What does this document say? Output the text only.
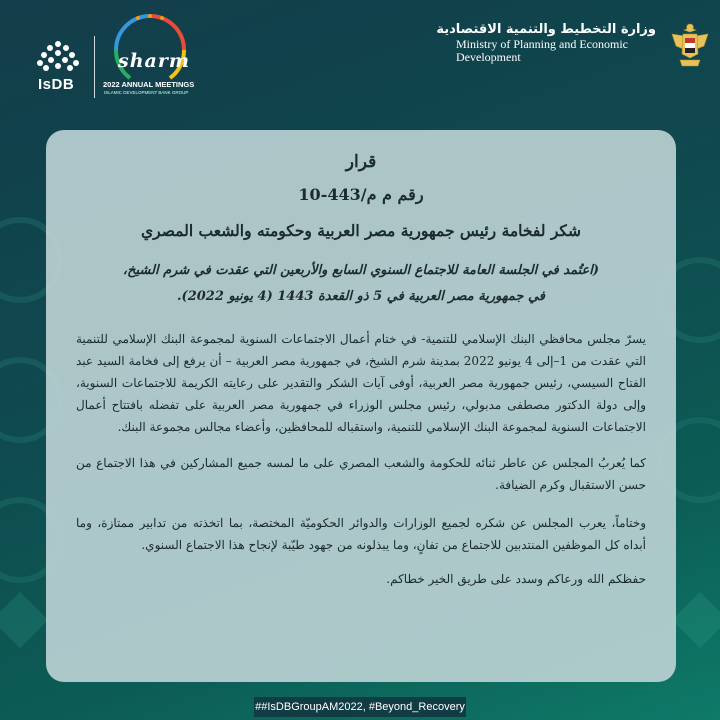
وزارة التخطيط والتنمية الاقتصادية
Ministry of Planning and Economic
Development
IsDB
sharm
2022 ANNUAL MEETINGS
ISLAMIC DEVELOPMENT BANK GROUP
قرار
رقم م م/443-10
شكر لفخامة رئيس جمهورية مصر العربية وحكومته والشعب المصري
(اعتُمد في الجلسة العامة للاجتماع السنوي السابع والأربعين التي عقدت في شرم الشيخ،
في جمهورية مصر العربية في 5 ذو القعدة 1443 (4 يونيو 2022).
يسرّ مجلس محافظي البنك الإسلامي للتنمية- في ختام أعمال الاجتماعات السنوية لمجموعة البنك الإسلامي للتنمية التي عقدت من 1–إلى 4 يونيو 2022 بمدينة شرم الشيخ، في جمهورية مصر العربية – أن يرفع إلى فخامة السيد عبد الفتاح السيسي، رئيس جمهورية مصر العربية، أوفى آيات الشكر والتقدير على رعايته الكريمة للاجتماعات السنوية، وإلى دولة الدكتور مصطفى مدبولي، رئيس مجلس الوزراء في جمهورية مصر العربية على تفضله بافتتاح أعمال الاجتماعات السنوية لمجموعة البنك الإسلامي للتنمية، واستقباله للمحافظين، وأعضاء مجالس مجموعة البنك.
كما يُعربُ المجلس عن عاطر ثنائه للحكومة والشعب المصري على ما لمسه جميع المشاركين في هذا الاجتماع من حسن الاستقبال وكرم الضيافة.
وختاماً، يعرب المجلس عن شكره لجميع الوزارات والدوائر الحكوميّة المختصة، بما اتخذته من تدابير ممتازة، وما أبداه كل الموظفين المنتدبين للاجتماع من تفانٍ، وما يبذلونه من جهود طيّبة لإنجاح هذا الاجتماع السنوي.
حفظكم الله ورعاكم وسدد على طريق الخير خطاكم.
##IsDBGroupAM2022, #Beyond_Recovery
